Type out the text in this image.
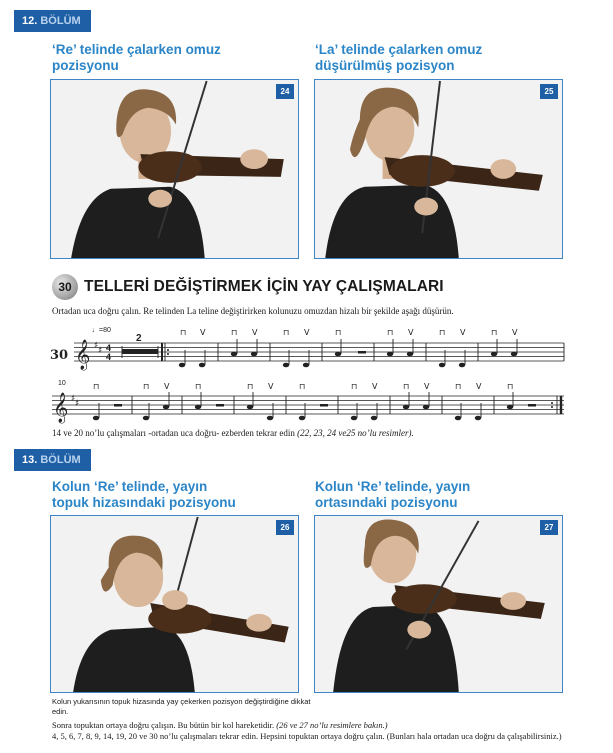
12. BÖLÜM
‘Re’ telinde çalarken omuz
pozisyonu
‘La’ telinde çalarken omuz
düşürülmüş pozisyon
24	25
30 TELLERİ DEĞİŞTİRMEK İÇİN YAY ÇALIŞMALARI
Ortadan uca doğru çalın. Re telinden La teline değiştirirken kolunuzu omuzdan hizalı bir şekilde aşağı düşürün.
30
♩=80
𝄞 ♯ ♯ 4
4
2
⊓ V	⊓ V	⊓ V	⊓	⊓ V	⊓ V	⊓ V
10
𝄞 ♯ ♯
⊓	⊓ V	⊓	⊓ V	⊓	⊓ V	⊓ V	⊓ V	⊓
14 ve 20 no’lu çalışmaları -ortadan uca doğru- ezberden tekrar edin (22, 23, 24 ve25 no’lu resimler).
13. BÖLÜM
Kolun ‘Re’ telinde, yayın
topuk hizasındaki pozisyonu
Kolun ‘Re’ telinde, yayın
ortasındaki pozisyonu
26	27
Kolun yukarısının topuk hizasında yay çekerken pozisyon değiştirdiğine dikkat edin.
Sonra topuktan ortaya doğru çalışın. Bu bütün bir kol hareketidir. (26 ve 27 no’lu resimlere bakın.)
4, 5, 6, 7, 8, 9, 14, 19, 20 ve 30 no’lu çalışmaları tekrar edin. Hepsini topuktan ortaya doğru çalın. (Bunları hala ortadan uca doğru da çalışabilirsiniz.)
